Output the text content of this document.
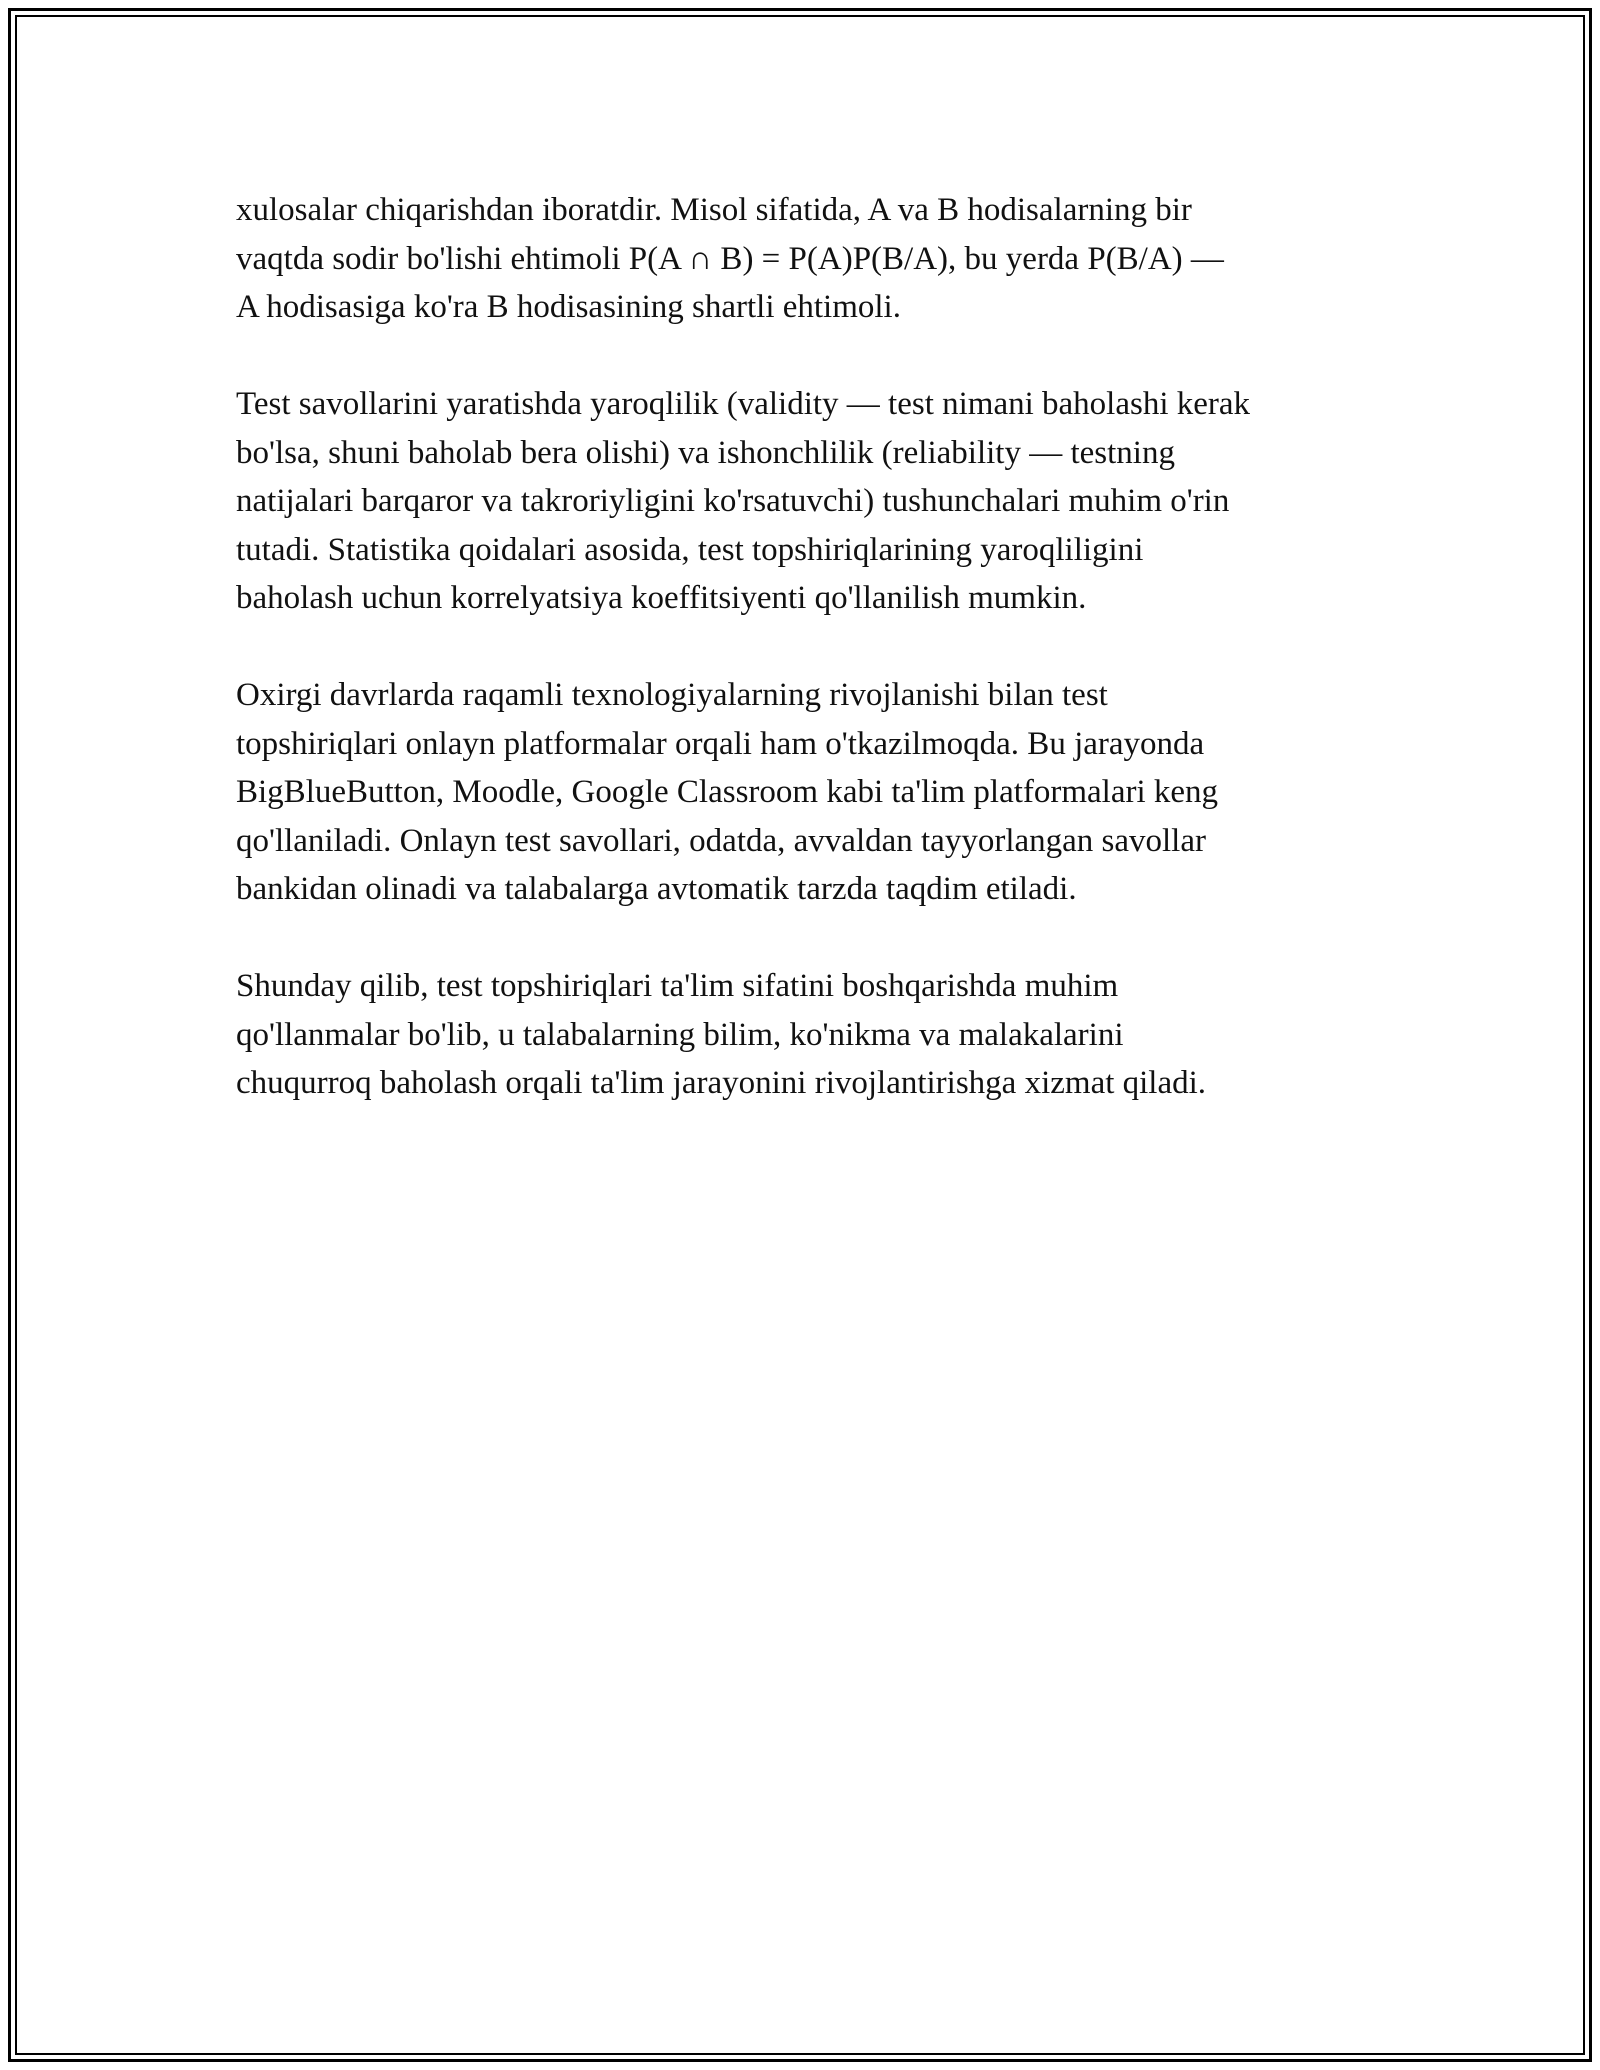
xulosalar chiqarishdan iboratdir. Misol sifatida, A va B hodisalarning bir
vaqtda sodir bo'lishi ehtimoli P(A ∩ B) = P(A)P(B/A), bu yerda P(B/A) —
A hodisasiga ko'ra B hodisasining shartli ehtimoli.

Test savollarini yaratishda yaroqlilik (validity — test nimani baholashi kerak
bo'lsa, shuni baholab bera olishi) va ishonchlilik (reliability — testning
natijalari barqaror va takroriyligini ko'rsatuvchi) tushunchalari muhim o'rin
tutadi. Statistika qoidalari asosida, test topshiriqlarining yaroqliligini
baholash uchun korrelyatsiya koeffitsiyenti qo'llanilish mumkin.

Oxirgi davrlarda raqamli texnologiyalarning rivojlanishi bilan test
topshiriqlari onlayn platformalar orqali ham o'tkazilmoqda. Bu jarayonda
BigBlueButton, Moodle, Google Classroom kabi ta'lim platformalari keng
qo'llaniladi. Onlayn test savollari, odatda, avvaldan tayyorlangan savollar
bankidan olinadi va talabalarga avtomatik tarzda taqdim etiladi.

Shunday qilib, test topshiriqlari ta'lim sifatini boshqarishda muhim
qo'llanmalar bo'lib, u talabalarning bilim, ko'nikma va malakalarini
chuqurroq baholash orqali ta'lim jarayonini rivojlantirishga xizmat qiladi.
